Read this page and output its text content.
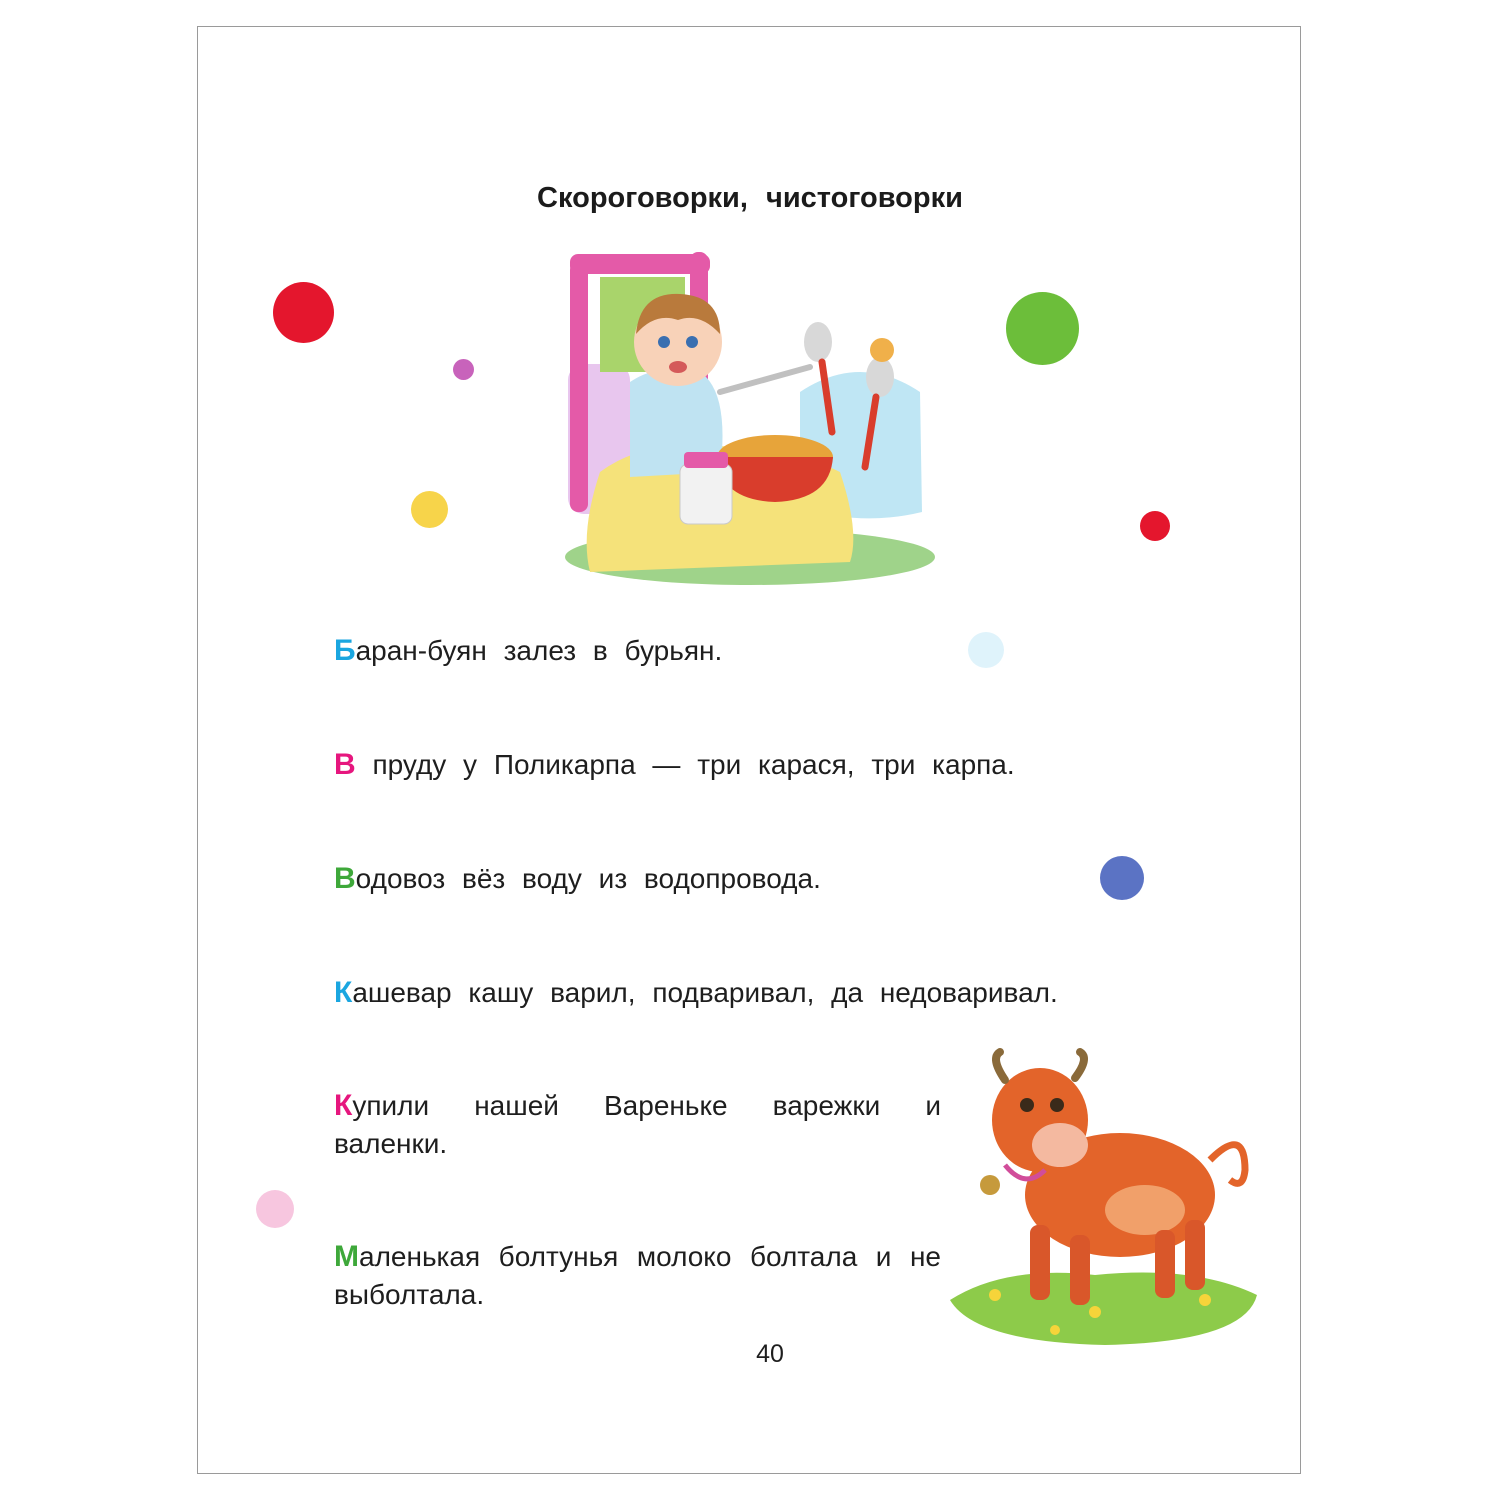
Скороговорки, чистоговорки
Баран-буян залез в бурьян.
В пруду у Поликарпа — три карася, три карпа.
Водовоз вёз воду из водопровода.
Кашевар кашу варил, подваривал, да недоваривал.
Купили нашей Вареньке варежки и валенки.
Маленькая болтунья молоко болтала и не выболтала.
40
